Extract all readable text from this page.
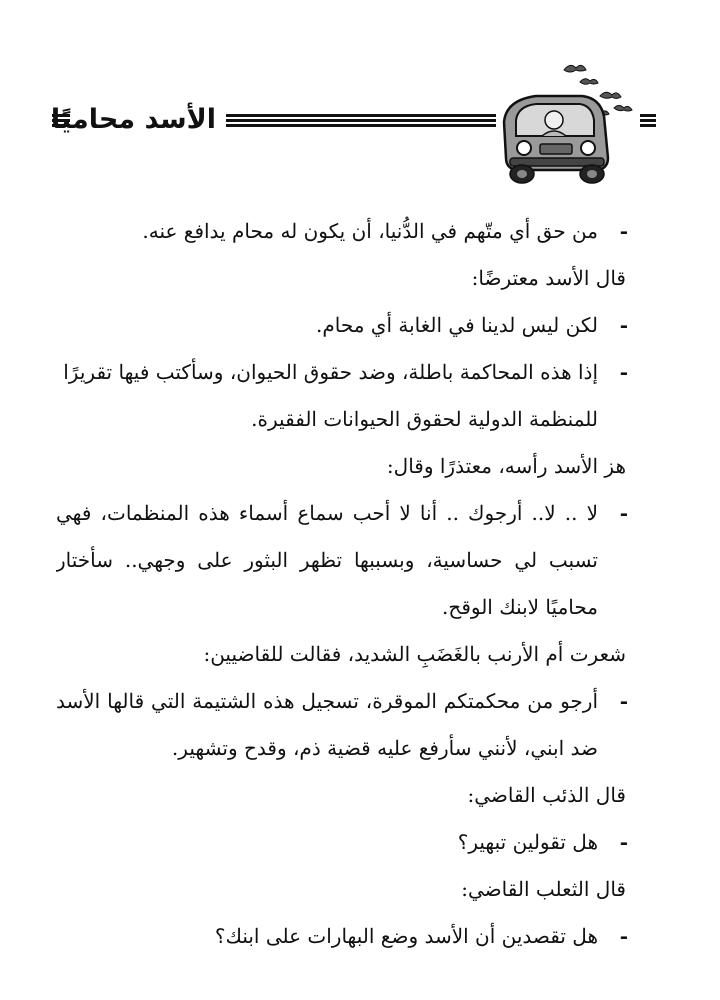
الأسد محاميًا
-
من حق أي متّهم في الدُّنيا، أن يكون له محام يدافع عنه.
قال الأسد معترضًا:
-
لكن ليس لدينا في الغابة أي محام.
-
إذا هذه المحاكمة باطلة، وضد حقوق الحيوان، وسأكتب فيها تقريرًا
للمنظمة الدولية لحقوق الحيوانات الفقيرة.
هز الأسد رأسه، معتذرًا وقال:
-
لا .. لا.. أرجوك .. أنا لا أحب سماع أسماء هذه المنظمات، فهي
تسبب لي حساسية، وبسببها تظهر البثور على وجهي.. سأختار
محاميًا لابنك الوقح.
شعرت أم الأرنب بالغَضَبِ الشديد، فقالت للقاضيين:
-
أرجو من محكمتكم الموقرة، تسجيل هذه الشتيمة التي قالها الأسد
ضد ابني، لأنني سأرفع عليه قضية ذم، وقدح وتشهير.
قال الذئب القاضي:
-
هل تقولين تبهير؟
قال الثعلب القاضي:
-
هل تقصدين أن الأسد وضع البهارات على ابنك؟
